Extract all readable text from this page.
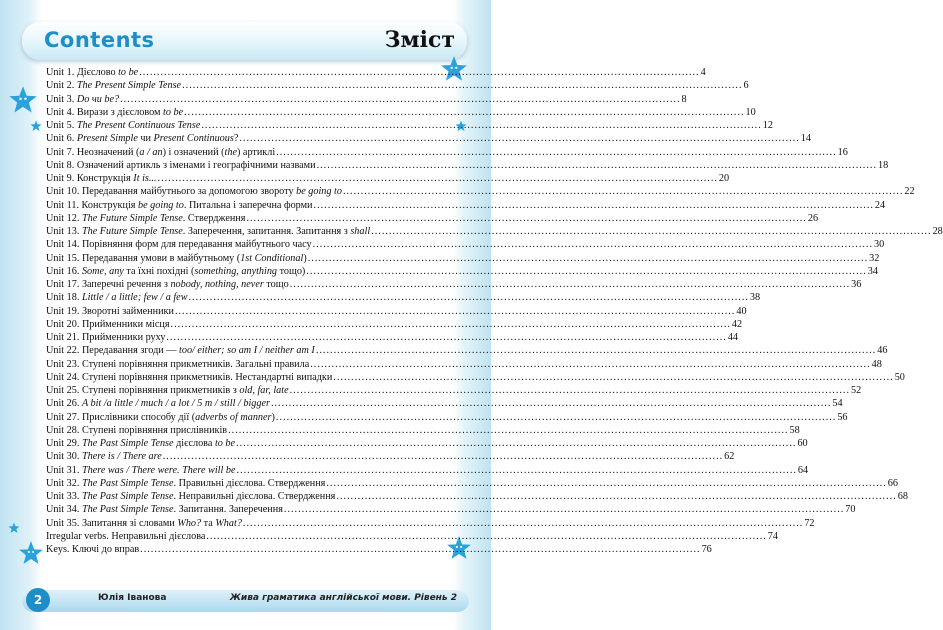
Contents	Зміст
Unit 1. Дієслово to be .....	4
Unit 2. The Present Simple Tense .....	6
Unit 3. Do чи be? .....	8
Unit 4. Вирази з дієсловом to be .....	10
Unit 5. The Present Continuous Tense .....	12
Unit 6. Present Simple чи Present Continuous? .....	14
Unit 7. Неозначений (a / an) і означений (the) артиклі .....	16
Unit 8. Означений артикль з іменами і географічними назвами .....	18
Unit 9. Конструкція It is... .....	20
Unit 10. Передавання майбутнього за допомогою звороту be going to .....	22
Unit 11. Конструкція be going to. Питальна і заперечна форми .....	24
Unit 12. The Future Simple Tense. Ствердження .....	26
Unit 13. The Future Simple Tense. Заперечення, запитання. Запитання з shall .....	28
Unit 14. Порівняння форм для передавання майбутнього часу .....	30
Unit 15. Передавання умови в майбутньому (1st Conditional) .....	32
Unit 16. Some, any та їхні похідні (something, anything тощо) .....	34
Unit 17. Заперечні речення з nobody, nothing, never тощо .....	36
Unit 18. Little / a little; few / a few .....	38
Unit 19. Зворотні займенники .....	40
Unit 20. Прийменники місця .....	42
Unit 21. Прийменники руху .....	44
Unit 22. Передавання згоди — too/ either; so am I / neither am I .....	46
Unit 23. Ступені порівняння прикметників. Загальні правила .....	48
Unit 24. Ступені порівняння прикметників. Нестандартні випадки .....	50
Unit 25. Ступені порівняння прикметників з old, far, late .....	52
Unit 26. A bit /a little / much / a lot / 5 m / still / bigger .....	54
Unit 27. Прислівники способу дії (adverbs of manner) .....	56
Unit 28. Ступені порівняння прислівників .....	58
Unit 29. The Past Simple Tense дієслова to be .....	60
Unit 30. There is / There are .....	62
Unit 31. There was / There were. There will be .....	64
Unit 32. The Past Simple Tense. Правильні дієслова. Ствердження .....	66
Unit 33. The Past Simple Tense. Неправильні дієслова. Ствердження .....	68
Unit 34. The Past Simple Tense. Запитання. Заперечення .....	70
Unit 35. Запитання зі словами Who? та What? .....	72
Irregular verbs. Неправильні дієслова .....	74
Keys. Ключі до вправ .....	76
2	Юлія Іванова	Жива граматика англійської мови. Рівень 2
